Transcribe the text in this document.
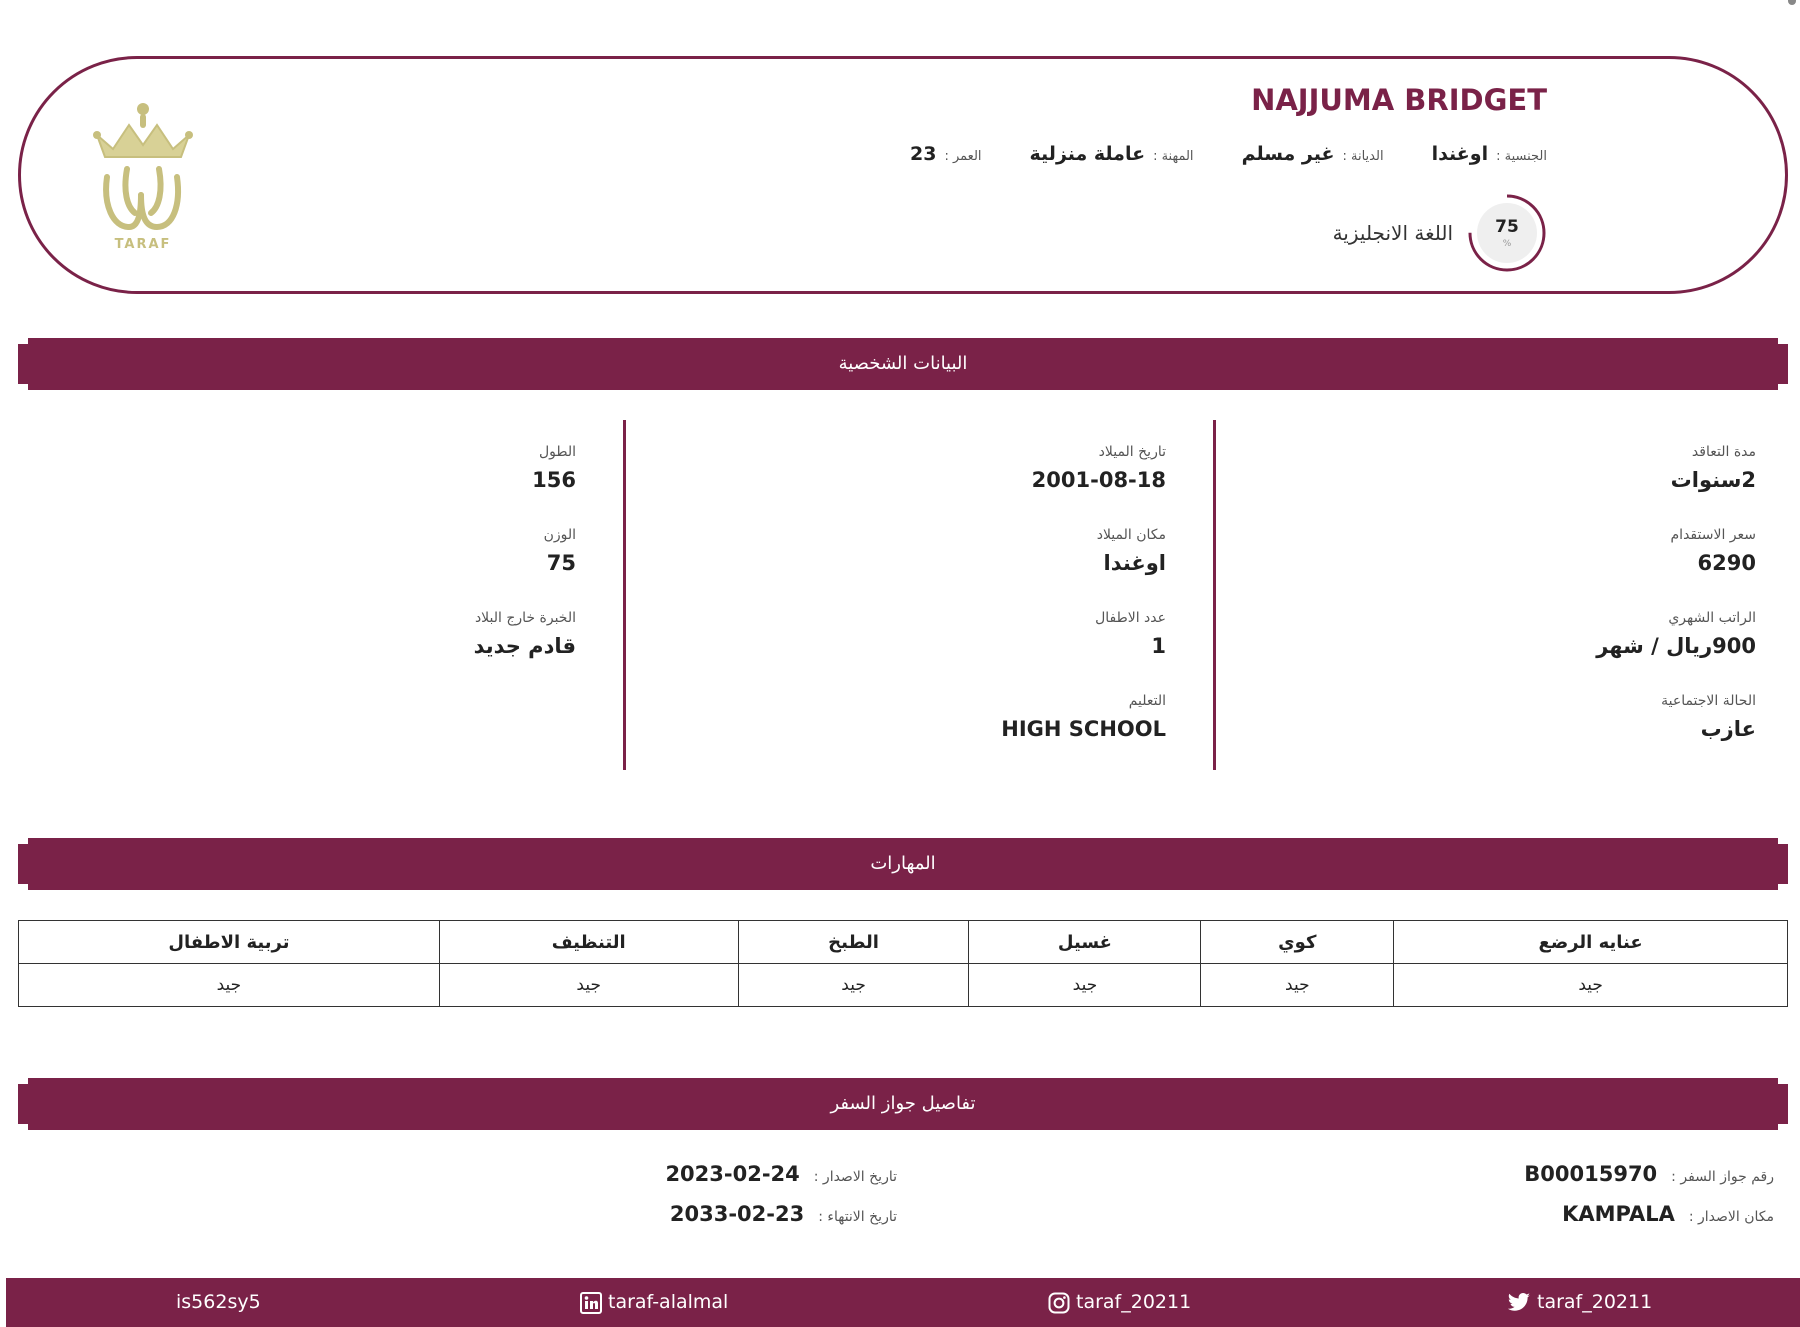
TARAF
NAJJUMA BRIDGET
الجنسية :
اوغندا
الديانة :
غير مسلم
المهنة :
عاملة منزلية
العمر :
23
75
%
اللغة الانجليزية
البيانات الشخصية
مدة التعاقد
2سنوات
سعر الاستقدام
6290
الراتب الشهري
900ريال / شهر
الحالة الاجتماعية
عازب
تاريخ الميلاد
2001-08-18
مكان الميلاد
اوغندا
عدد الاطفال
1
التعليم
HIGH SCHOOL
الطول
156
الوزن
75
الخبرة خارج البلاد
قادم جديد
المهارات
عنايه الرضع	كوي	غسيل	الطبخ	التنظيف	تربية الاطفال
جيد	جيد	جيد	جيد	جيد	جيد
تفاصيل جواز السفر
رقم جواز السفر :
B00015970
مكان الاصدار :
KAMPALA
تاريخ الاصدار :
2023-02-24
تاريخ الانتهاء :
2033-02-23
is562sy5	taraf-alalmal	taraf_20211	taraf_20211
